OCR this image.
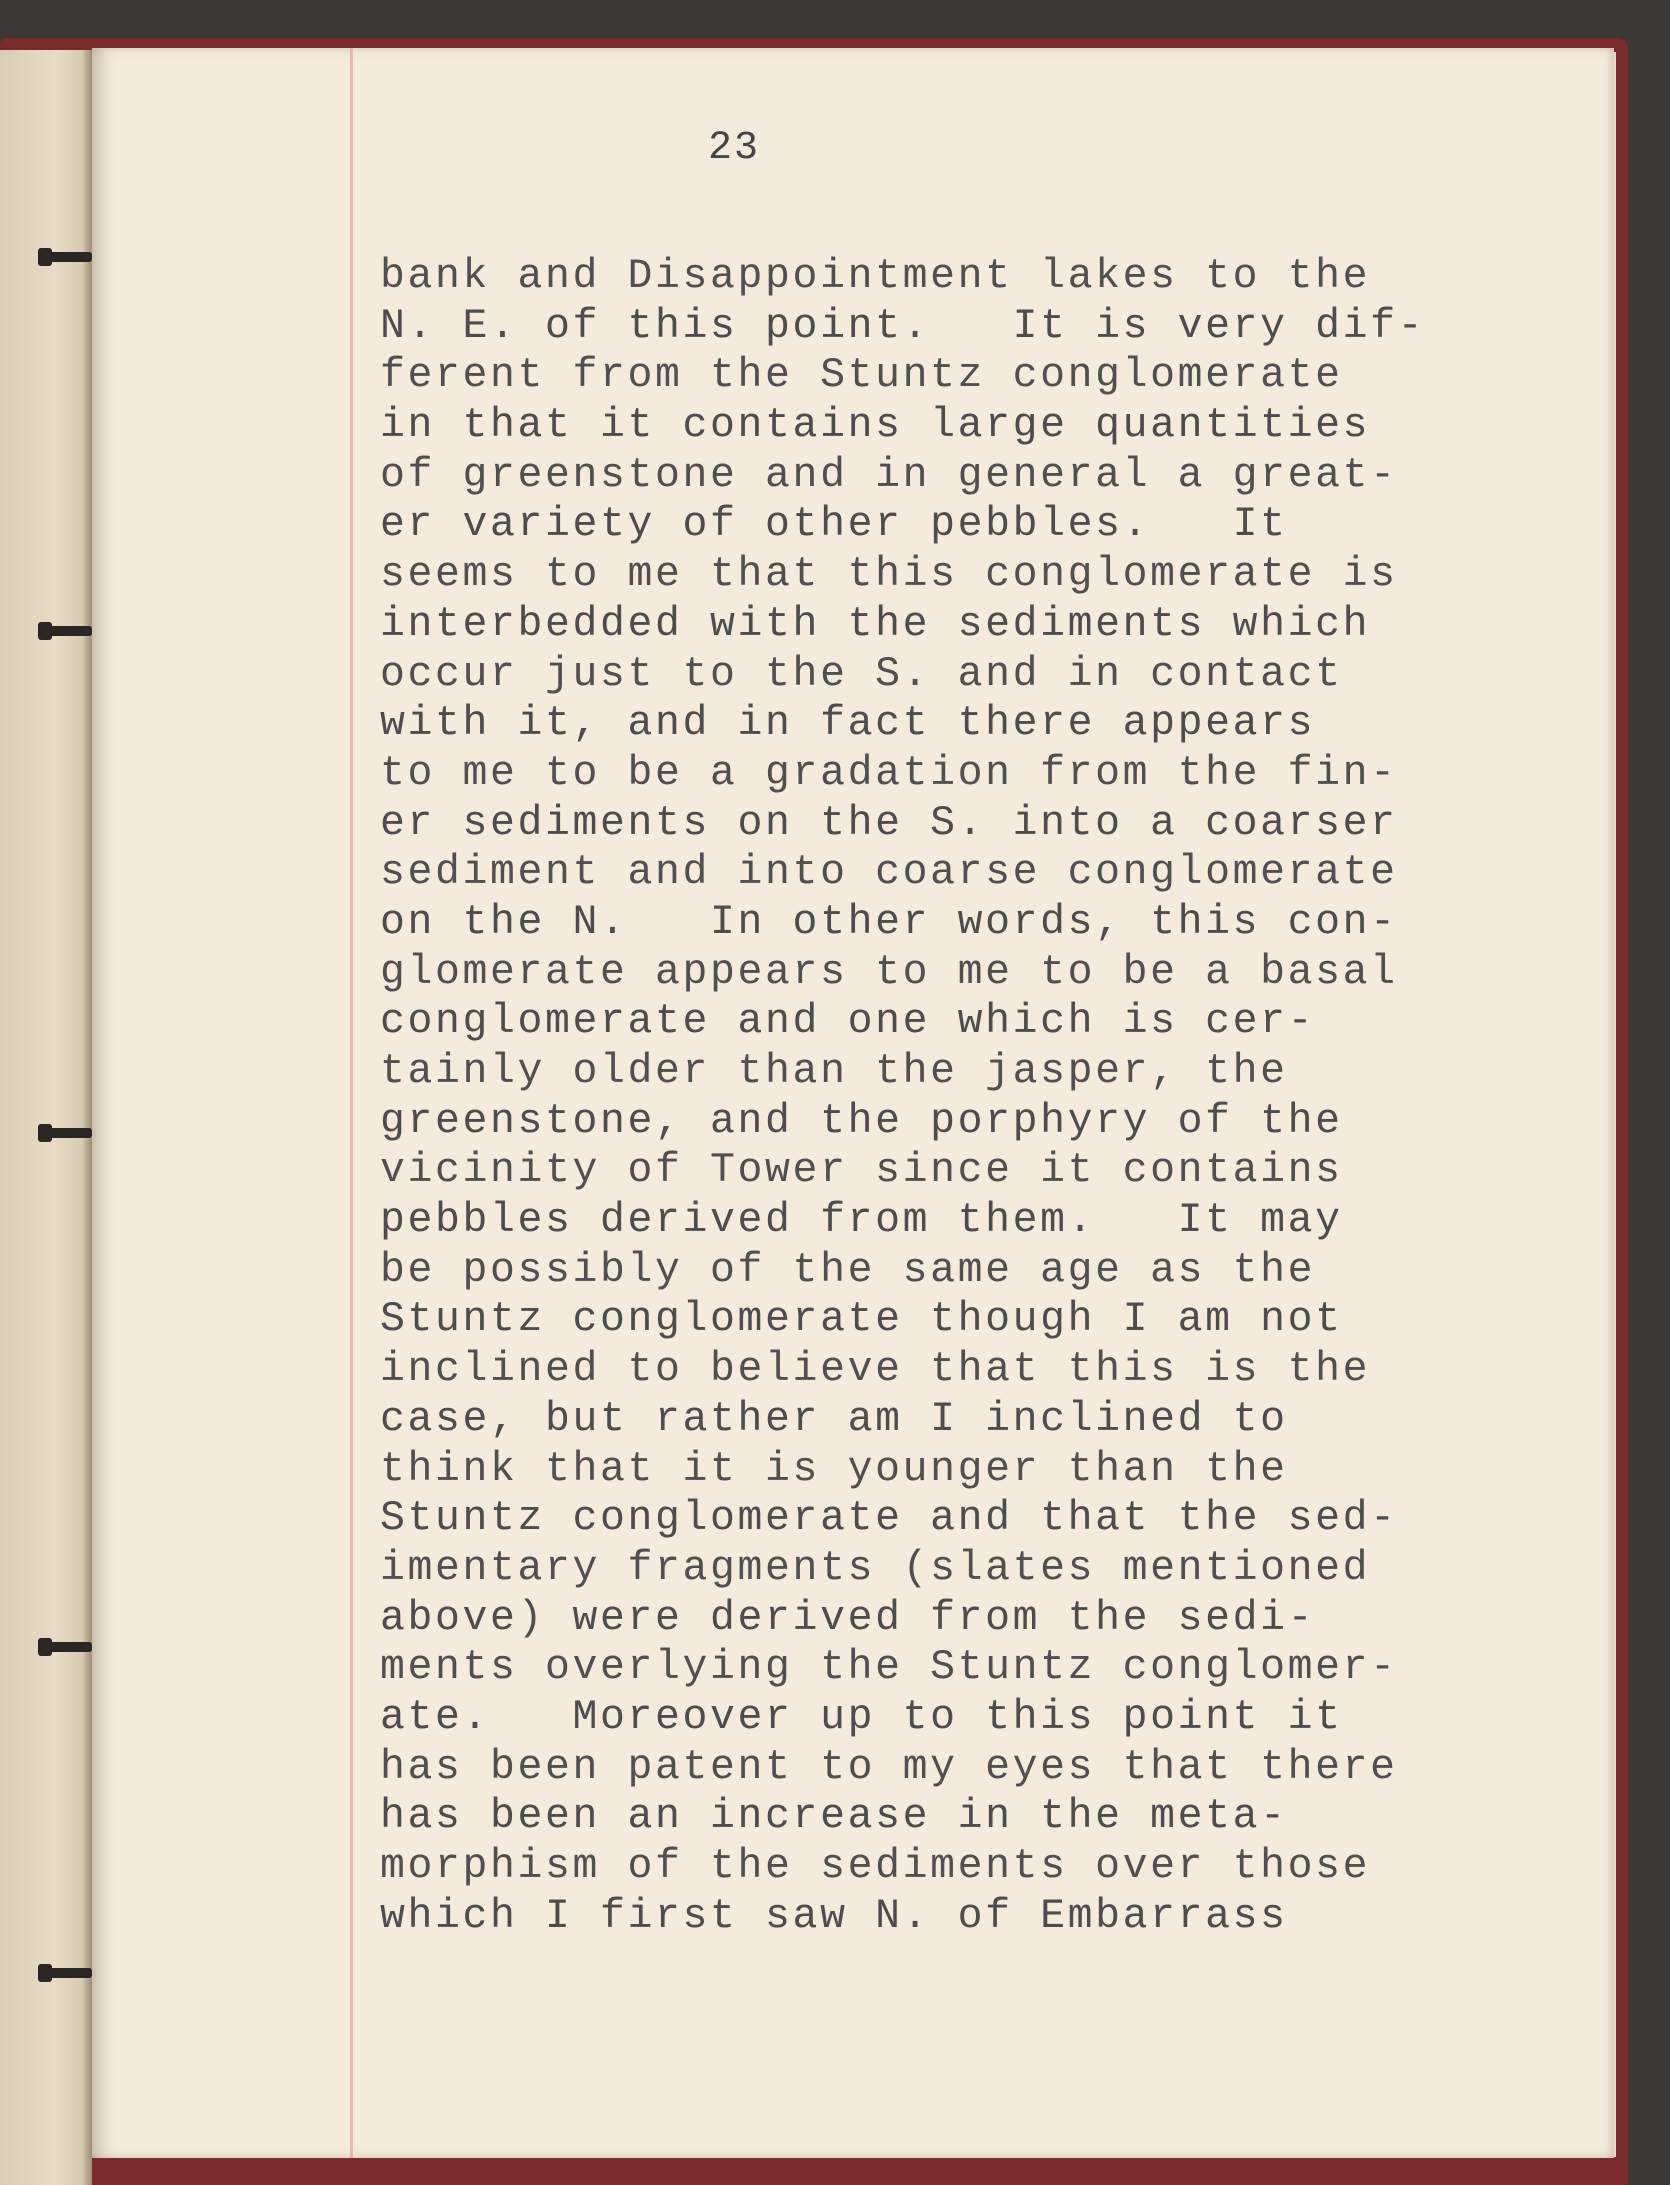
23
bank and Disappointment lakes to the
N. E. of this point.   It is very dif-
ferent from the Stuntz conglomerate
in that it contains large quantities
of greenstone and in general a great-
er variety of other pebbles.   It
seems to me that this conglomerate is
interbedded with the sediments which
occur just to the S. and in contact
with it, and in fact there appears
to me to be a gradation from the fin-
er sediments on the S. into a coarser
sediment and into coarse conglomerate
on the N.   In other words, this con-
glomerate appears to me to be a basal
conglomerate and one which is cer-
tainly older than the jasper, the
greenstone, and the porphyry of the
vicinity of Tower since it contains
pebbles derived from them.   It may
be possibly of the same age as the
Stuntz conglomerate though I am not
inclined to believe that this is the
case, but rather am I inclined to
think that it is younger than the
Stuntz conglomerate and that the sed-
imentary fragments (slates mentioned
above) were derived from the sedi-
ments overlying the Stuntz conglomer-
ate.   Moreover up to this point it
has been patent to my eyes that there
has been an increase in the meta-
morphism of the sediments over those
which I first saw N. of Embarrass
